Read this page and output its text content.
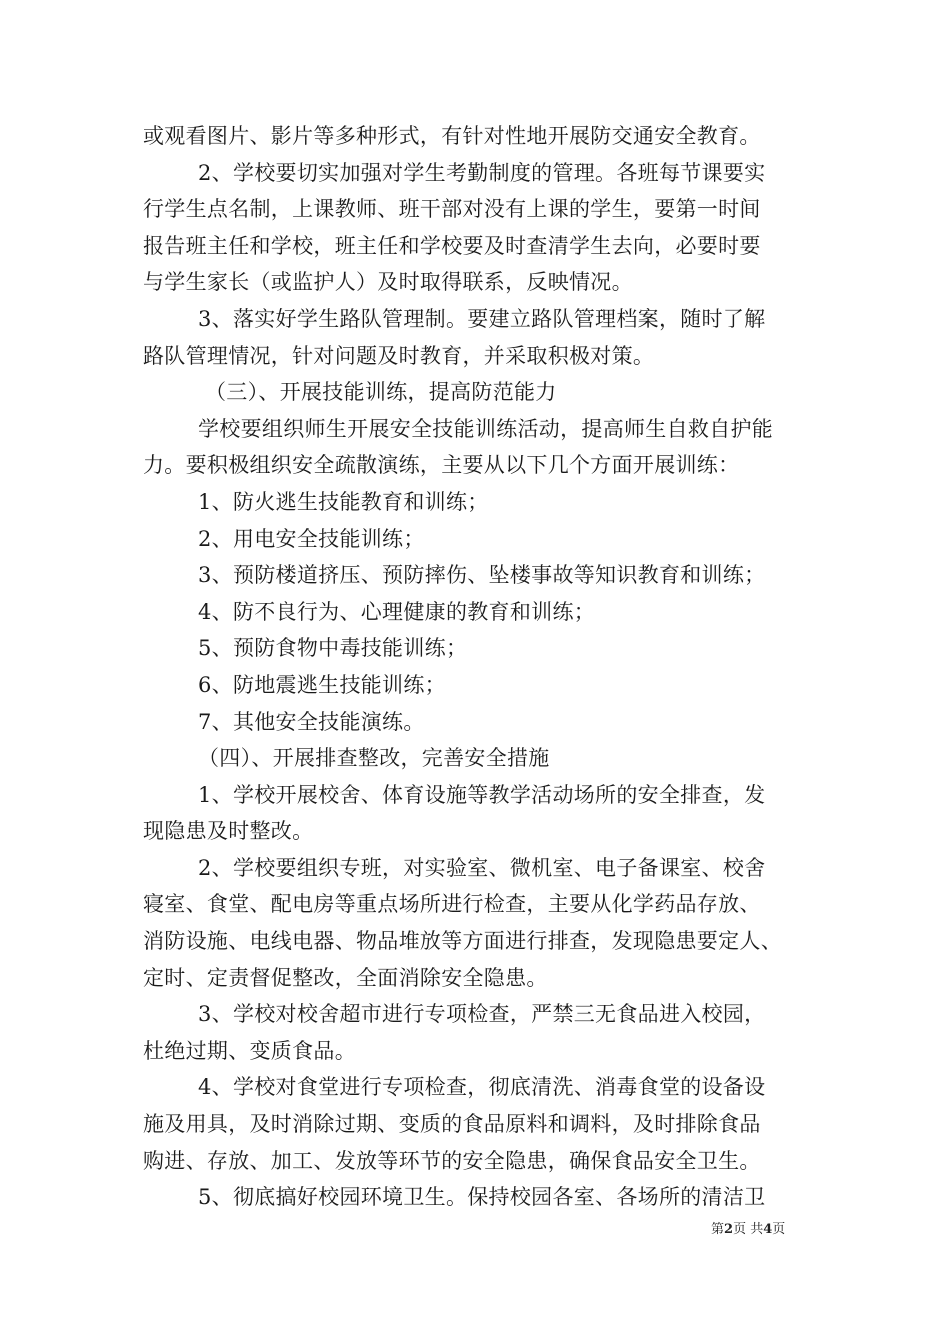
或观看图片、影片等多种形式，有针对性地开展防交通安全教育。
2、学校要切实加强对学生考勤制度的管理。各班每节课要实
行学生点名制，上课教师、班干部对没有上课的学生，要第一时间
报告班主任和学校，班主任和学校要及时查清学生去向，必要时要
与学生家长（或监护人）及时取得联系，反映情况。
3、落实好学生路队管理制。要建立路队管理档案，随时了解
路队管理情况，针对问题及时教育，并采取积极对策。
（三）、开展技能训练，提高防范能力
学校要组织师生开展安全技能训练活动，提高师生自救自护能
力。要积极组织安全疏散演练，主要从以下几个方面开展训练：
1、防火逃生技能教育和训练；
2、用电安全技能训练；
3、预防楼道挤压、预防摔伤、坠楼事故等知识教育和训练；
4、防不良行为、心理健康的教育和训练；
5、预防食物中毒技能训练；
6、防地震逃生技能训练；
7、其他安全技能演练。
（四）、开展排查整改，完善安全措施
1、学校开展校舍、体育设施等教学活动场所的安全排查，发
现隐患及时整改。
2、学校要组织专班，对实验室、微机室、电子备课室、校舍
寝室、食堂、配电房等重点场所进行检查，主要从化学药品存放、
消防设施、电线电器、物品堆放等方面进行排查，发现隐患要定人、
定时、定责督促整改，全面消除安全隐患。
3、学校对校舍超市进行专项检查，严禁三无食品进入校园，
杜绝过期、变质食品。
4、学校对食堂进行专项检查，彻底清洗、消毒食堂的设备设
施及用具，及时消除过期、变质的食品原料和调料，及时排除食品
购进、存放、加工、发放等环节的安全隐患，确保食品安全卫生。
5、彻底搞好校园环境卫生。保持校园各室、各场所的清洁卫
第2页 共4页
